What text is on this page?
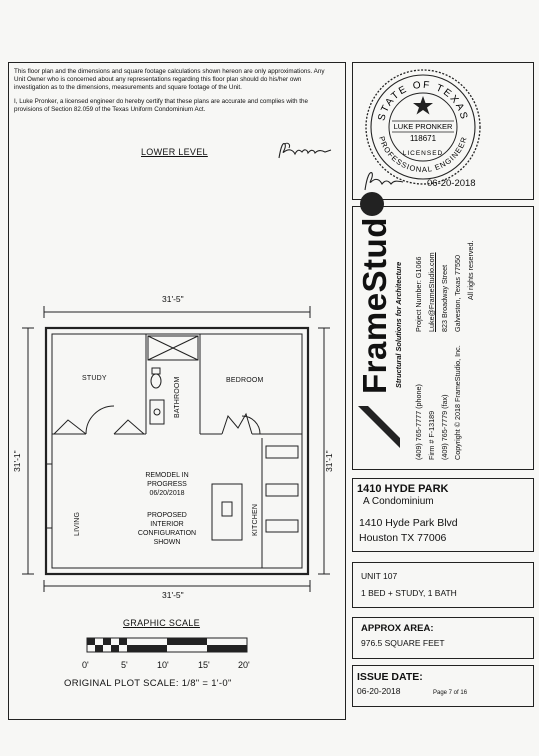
This floor plan and the dimensions and square footage calculations shown hereon are only approximations. Any Unit Owner who is concerned about any representations regarding this floor plan should do his/her own investigation as to the dimensions, measurements and square footage of the Unit.

I, Luke Pronker, a licensed engineer do hereby certify that these plans are accurate and complies with the provisions of Section 82.059 of the Texas Uniform Condominium Act.

LOWER LEVEL
STATE OF TEXAS
PROFESSIONAL ENGINEER
LUKE PRONKER
118671
LICENSED
06-20-2018
FrameStud Structural Solutions for Architecture
(409) 765-7777 (phone) Firm # F-13189 (409) 765-7779 (fax) Copyright © 2018 FrameStudio, Inc.
Project Number: G1066 Luke@FrameStudio.com 823 Broadway Street Galveston, Texas 77550 All rights reserved.
1410 HYDE PARK
A Condominium
1410 Hyde Park Blvd
Houston TX 77006
UNIT 107
1 BED + STUDY, 1 BATH
APPROX AREA:
976.5 SQUARE FEET
ISSUE DATE:
06-20-2018	Page 7 of 16
31'-5"
31'-5"
31'-1"	31'-1"
STUDY	BATHROOM	BEDROOM
LIVING	KITCHEN
REMODEL IN
PROGRESS
06/20/2018
PROPOSED
INTERIOR
CONFIGURATION
SHOWN
GRAPHIC SCALE
0'	5'	10'	15'	20'
ORIGINAL PLOT SCALE: 1/8" = 1'-0"
